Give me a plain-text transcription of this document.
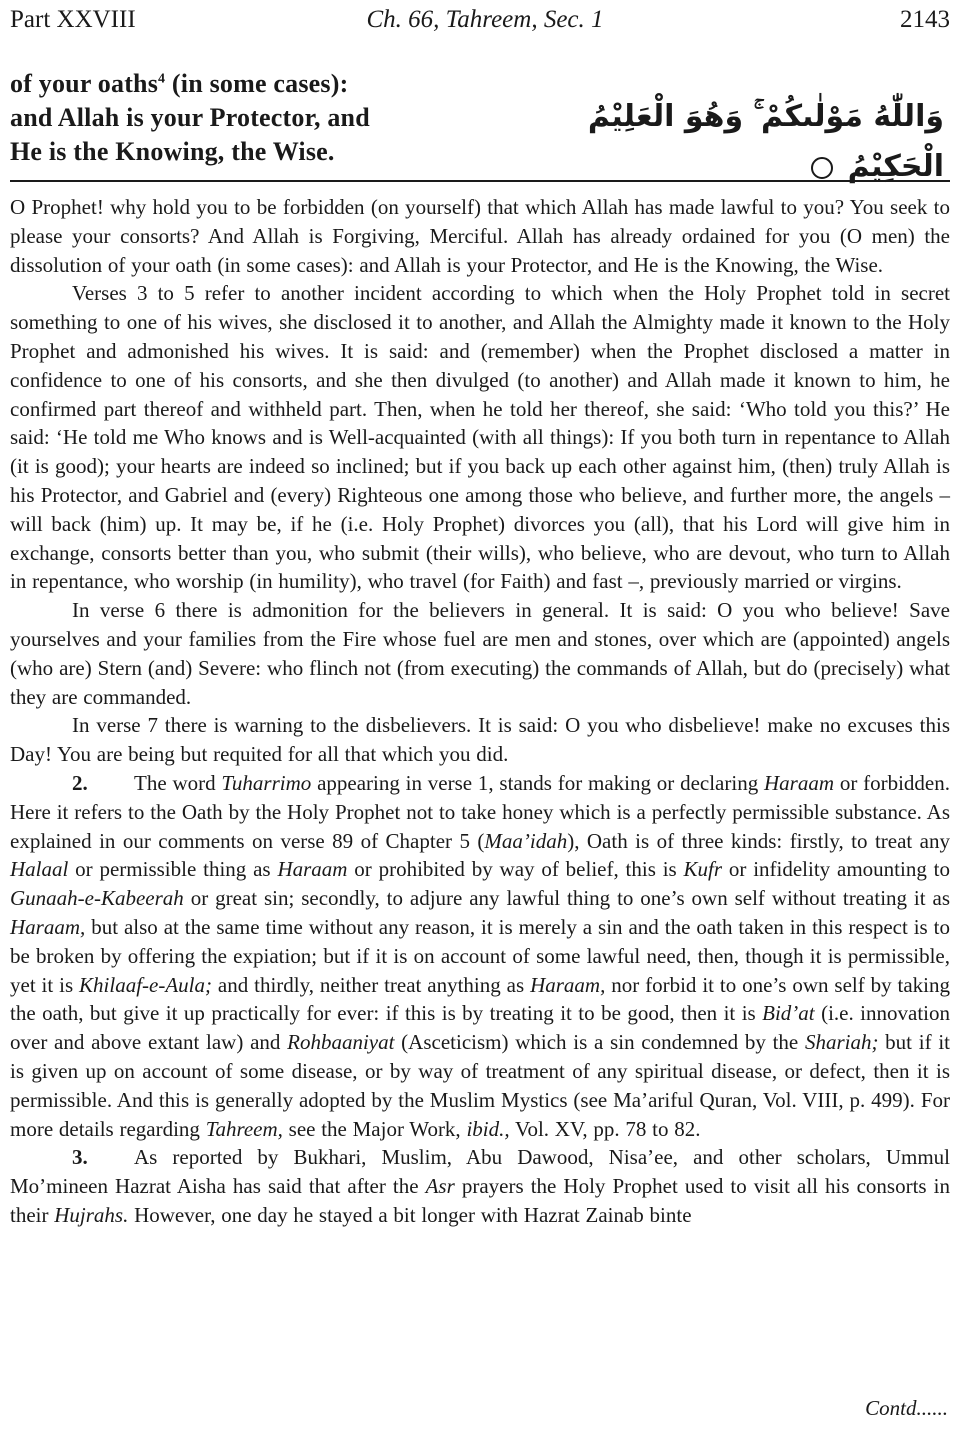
Part XXVIII	Ch. 66, Tahreem, Sec. 1	2143
of your oaths$^4$ (in some cases):
and Allah is your Protector, and
He is the Knowing, the Wise.
وَاللّٰهُ مَوْلٰىكُمْ ۚ وَهُوَ الْعَلِيْمُ الْحَكِيْمُ

O Prophet! why hold you to be forbidden (on yourself) that which Allah has made lawful to you? You seek to please your consorts? And Allah is Forgiving, Merciful. Allah has already ordained for you (O men) the dissolution of your oath (in some cases): and Allah is your Protector, and He is the Knowing, the Wise.

Verses 3 to 5 refer to another incident according to which when the Holy Prophet told in secret something to one of his wives, she disclosed it to another, and Allah the Almighty made it known to the Holy Prophet and admonished his wives. It is said: and (remember) when the Prophet disclosed a matter in confidence to one of his consorts, and she then divulged (to another) and Allah made it known to him, he confirmed part thereof and withheld part. Then, when he told her thereof, she said: ‘Who told you this?’ He said: ‘He told me Who knows and is Well-acquainted (with all things): If you both turn in repentance to Allah (it is good); your hearts are indeed so inclined; but if you back up each other against him, (then) truly Allah is his Protector, and Gabriel and (every) Righteous one among those who believe, and further more, the angels – will back (him) up. It may be, if he (i.e. Holy Prophet) divorces you (all), that his Lord will give him in exchange, consorts better than you, who submit (their wills), who believe, who are devout, who turn to Allah in repentance, who worship (in humility), who travel (for Faith) and fast –, previously married or virgins.

In verse 6 there is admonition for the believers in general. It is said: O you who believe! Save yourselves and your families from the Fire whose fuel are men and stones, over which are (appointed) angels (who are) Stern (and) Severe: who flinch not (from executing) the commands of Allah, but do (precisely) what they are commanded.

In verse 7 there is warning to the disbelievers. It is said: O you who disbelieve! make no excuses this Day! You are being but requited for all that which you did.

2. The word Tuharrimo appearing in verse 1, stands for making or declaring Haraam or forbidden. Here it refers to the Oath by the Holy Prophet not to take honey which is a perfectly permissible substance. As explained in our comments on verse 89 of Chapter 5 (Maa’idah), Oath is of three kinds: firstly, to treat any Halaal or permissible thing as Haraam or prohibited by way of belief, this is Kufr or infidelity amounting to Gunaah-e-Kabeerah or great sin; secondly, to adjure any lawful thing to one’s own self without treating it as Haraam, but also at the same time without any reason, it is merely a sin and the oath taken in this respect is to be broken by offering the expiation; but if it is on account of some lawful need, then, though it is permissible, yet it is Khilaaf-e-Aula; and thirdly, neither treat anything as Haraam, nor forbid it to one’s own self by taking the oath, but give it up practically for ever: if this is by treating it to be good, then it is Bid’at (i.e. innovation over and above extant law) and Rohbaaniyat (Asceticism) which is a sin condemned by the Shariah; but if it is given up on account of some disease, or by way of treatment of any spiritual disease, or defect, then it is permissible. And this is generally adopted by the Muslim Mystics (see Ma’ariful Quran, Vol. VIII, p. 499). For more details regarding Tahreem, see the Major Work, ibid., Vol. XV, pp. 78 to 82.

3. As reported by Bukhari, Muslim, Abu Dawood, Nisa’ee, and other scholars, Ummul Mo’mineen Hazrat Aisha has said that after the Asr prayers the Holy Prophet used to visit all his consorts in their Hujrahs. However, one day he stayed a bit longer with Hazrat Zainab binte

Contd......
